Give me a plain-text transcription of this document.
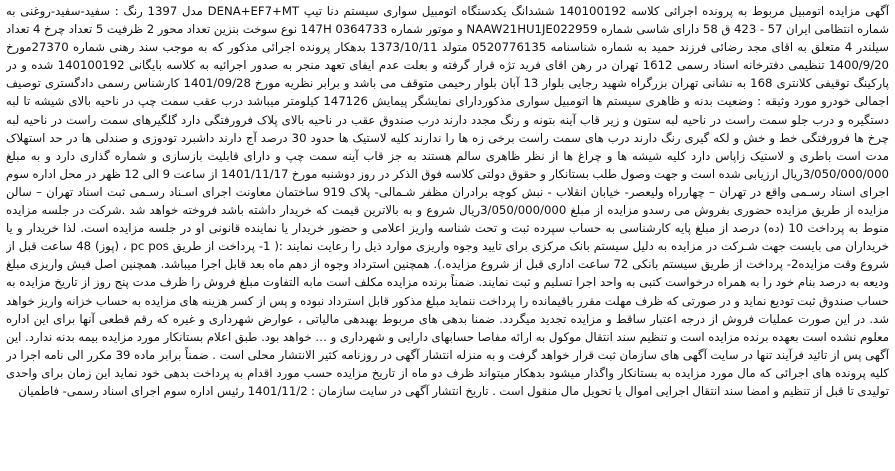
آگهی مزایده اتومبیل مربوط به پرونده اجرائی کلاسه 140100192 ششدانگ یکدستگاه اتومبیل سواری سیستم دنا تیپ DENA+EF7+MT مدل 1397 رنگ : سفید-سفید-روغنی به شماره انتظامی ایران 57 - 423 ق 58 دارای شاسی شماره NAAW21HU1JE022959 و موتور شماره 0364733 147H نوع سوخت بنزین تعداد محور 2 ظرفیت 5 تعداد چرخ 4 تعداد سیلندر 4 متعلق به اقای مجد رضائی فرزند حمید به شماره شناسنامه 0520776135 متولد 1373/10/11 بدهکار پرونده اجرائی مذکور که به موجب سند رهنی شماره 27370مورخ 1400/9/20 تنظیمی دفترخانه اسناد رسمی 1612 تهران در رهن اقای فرید تژه قرار گرفته و بعلت عدم ایفای تعهد منجر به صدور اجرائیه به کلاسه بایگانی 140100192 شده و در پارکینگ توقیفی کلانتری 168 به نشانی تهران بزرگراه شهید رجایی بلوار 13 آبان بلوار رحیمی متوقف می باشد و برابر نظریه مورخ 1401/09/28 کارشناس رسمی دادگستری توصیف اجمالی خودرو مورد وثیقه : وضعیت بدنه و ظاهری سیستم ها اتومبیل سواری مذکوردارای نمایشگر پیمایش 147126 کیلومتر میباشد درب عقب سمت چپ در ناحیه بالای شیشه تا لبه دستگیره و درب جلو سمت راست در ناحیه لبه ستون و زیر قاب آینه بتونه و رنگ مجدد دارند درب صندوق عقب در ناحیه بالای پلاک فرورفتگی دارد گلگیرهای سمت راست در ناحیه لبه چرخ ها فرورفتگی خط و خش و لکه گیری رنگ دارند درب های سمت راست برخی زه ها را ندارند کلیه لاستیک ها حدود 30 درصد آج دارند داشبرد تودوزی و صندلی ها در حد استهلاک مدت است باطری و لاستیک زاپاس دارد کلیه شیشه ها و چراغ ها از نظر ظاهری سالم هستند به جز قاب آینه سمت چپ و دارای قابلیت بازسازی و شماره گذاری دارد و به مبلغ 3/050/000/000ریال ارزیابی شده است و جهت وصول طلب بستانکار و حقوق دولتی کلاسه فوق الذکر در روز دوشنبه مورخ 1401/11/17 از ساعت 9 الی 12 ظهر در محل اداره سوم اجرای اسناد رسـمی واقع در تهران – چهارراه ولیعصر- خیابان انقلاب - نبش کوچه برادران مظفر شـمالی- پلاک 919 ساختمان معاونت اجرای اسـناد رسـمی ثبت اسناد تهران – سالن مزایده از طریق مزایده حضوری بفروش می رسدو مزایده از مبلغ 3/050/000/000ریال شروع و به بالاترین قیمت که خریدار داشته باشد فروخته خواهد شد .شرکت در جلسه مزایده منوط به پرداخت 10 (ده) درصد از مبلغ پایه کارشناسی به حساب سپرده ثبت و تحت شناسه واریز اعلامی و حضور خریدار یا نماینده قانونی او در جلسه مزایده است. لذا خریدار و یا خریداران می بایست جهت شـرکت در مزایده به دلیل سیستم بانک مرکزی برای تایید وجوه واریزی موارد ذیل را رعایت نمایند :( 1- پرداخت از طریق pc pos ، (پوز) 48 ساعت قبل از شروع وقت مزایده2- پرداخت از طریق سیستم بانکی 72 ساعت اداری قبل از شروع مزایده.). همچنین استرداد وجوه از دهم ماه بعد قابل اجرا میباشد. همچنین اصل فیش واریزی مبلغ ودیعه به درصد بنام خود را به همراه درخواست کتبی به واحد اجرا تسلیم و ثبت نمایند. ضمناً برنده مزایده مکلف است مابه التفاوت مبلغ فروش را ظرف مدت پنج روز از تاریخ مزایده به حساب صندوق ثبت تودیع نماید و در صورتی که ظرف مهلت مقرر باقیمانده را پرداخت ننماید مبلغ مذکور قابل استرداد نبوده و پس از کسر هزینه های مزایده به حساب خزانه واریز خواهد شد. در این صورت عملیات فروش از درجه اعتبار ساقط و مزایده تجدید میگردد. ضمنا بدهی های مربوط بهبدهی مالیاتی ، عوارض شهرداری و غیره که رقم قطعی آنها برای این اداره معلوم نشده است بعهده برنده مزایده است و تنظیم سند انتقال موکول به ارائه مفاصا حسابهای دارایی و شهرداری و … خواهد بود. طبق اعلام بستانکار مورد مزایده بیمه بدنه ندارد. این آگهی پس از تائید فرآیند تنها در سایت آگهی های سازمان ثبت قرار خواهد گرفت و به منزله انتشار آگهی در روزنامه کثیر الانتشار محلی است . ضمناً برابر ماده 39 مکرر الی نامه اجرا در کلیه پرونده های اجرائی که مال مورد مزایده به بستانکار واگذار میشود بدهکار میتواند ظرف دو ماه از تاریخ مزایده حسب مورد اقدام به پرداخت بدهی خود نماید این زمان برای واحدی تولیدی تا قبل از تنظیم و امضا سند انتقال اجرایی اموال یا تحویل مال منقول است . تاریخ انتشار آگهی در سایت سازمان : 1401/11/2 رئیس اداره سوم اجرای اسناد رسمی- فاطمیان
